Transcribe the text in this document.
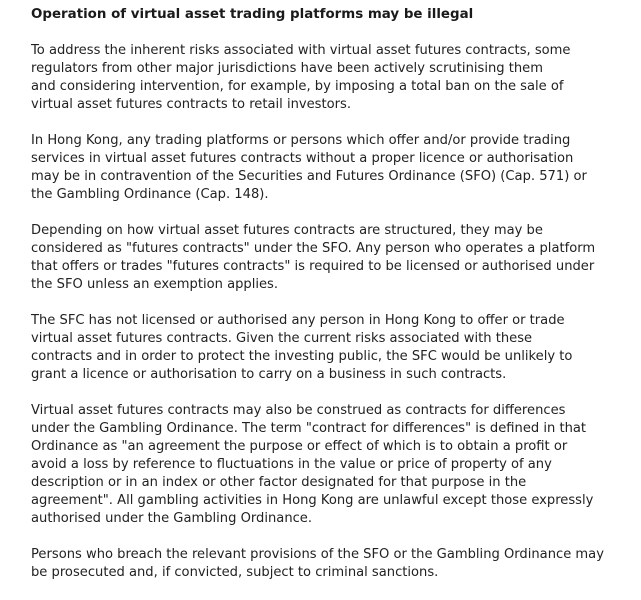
Operation of virtual asset trading platforms may be illegal
To address the inherent risks associated with virtual asset futures contracts, some
regulators from other major jurisdictions have been actively scrutinising them
and considering intervention, for example, by imposing a total ban on the sale of
virtual asset futures contracts to retail investors.
In Hong Kong, any trading platforms or persons which offer and/or provide trading
services in virtual asset futures contracts without a proper licence or authorisation
may be in contravention of the Securities and Futures Ordinance (SFO) (Cap. 571) or
the Gambling Ordinance (Cap. 148).
Depending on how virtual asset futures contracts are structured, they may be
considered as "futures contracts" under the SFO. Any person who operates a platform
that offers or trades "futures contracts" is required to be licensed or authorised under
the SFO unless an exemption applies.
The SFC has not licensed or authorised any person in Hong Kong to offer or trade
virtual asset futures contracts. Given the current risks associated with these
contracts and in order to protect the investing public, the SFC would be unlikely to
grant a licence or authorisation to carry on a business in such contracts.
Virtual asset futures contracts may also be construed as contracts for differences
under the Gambling Ordinance. The term "contract for differences" is defined in that
Ordinance as "an agreement the purpose or effect of which is to obtain a profit or
avoid a loss by reference to fluctuations in the value or price of property of any
description or in an index or other factor designated for that purpose in the
agreement". All gambling activities in Hong Kong are unlawful except those expressly
authorised under the Gambling Ordinance.
Persons who breach the relevant provisions of the SFO or the Gambling Ordinance may
be prosecuted and, if convicted, subject to criminal sanctions.
